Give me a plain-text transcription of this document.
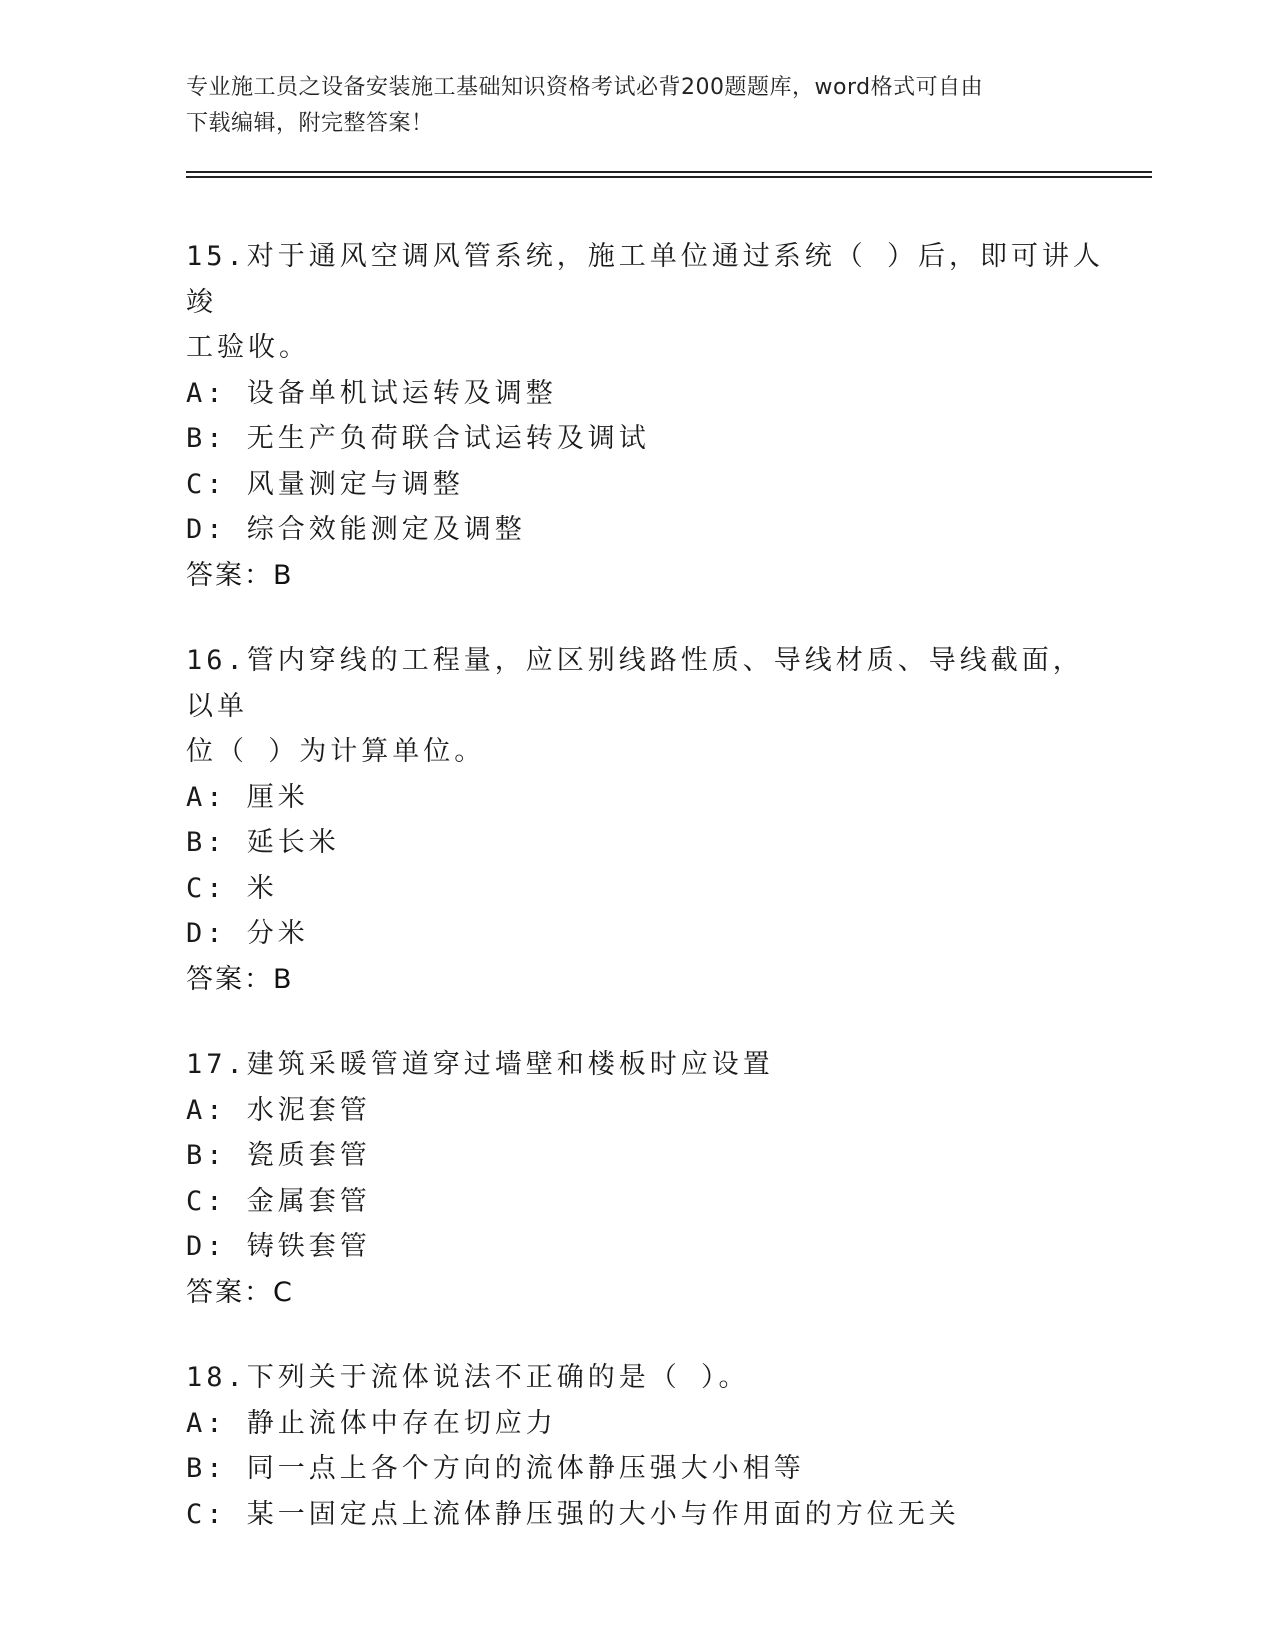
专业施工员之设备安装施工基础知识资格考试必背200题题库，word格式可自由
下载编辑，附完整答案！
15.对于通风空调风管系统，施工单位通过系统（ ）后，即可讲人竣
工验收。
A: 设备单机试运转及调整
B: 无生产负荷联合试运转及调试
C: 风量测定与调整
D: 综合效能测定及调整
答案：B
16.管内穿线的工程量，应区别线路性质、导线材质、导线截面，以单
位（ ）为计算单位。
A: 厘米
B: 延长米
C: 米
D: 分米
答案：B
17.建筑采暖管道穿过墙壁和楼板时应设置
A: 水泥套管
B: 瓷质套管
C: 金属套管
D: 铸铁套管
答案：C
18.下列关于流体说法不正确的是（ ）。
A: 静止流体中存在切应力
B: 同一点上各个方向的流体静压强大小相等
C: 某一固定点上流体静压强的大小与作用面的方位无关
